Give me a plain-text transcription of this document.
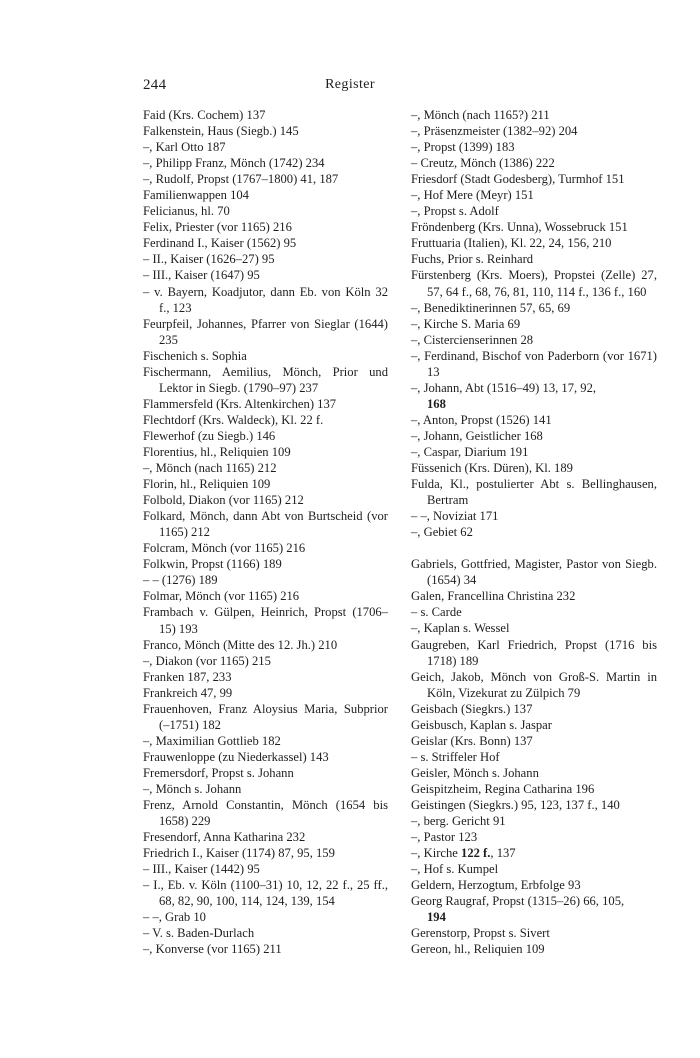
244	Register
Faid (Krs. Cochem) 137
Falkenstein, Haus (Siegb.) 145
–, Karl Otto 187
–, Philipp Franz, Mönch (1742) 234
–, Rudolf, Propst (1767–1800) 41, 187
Familienwappen 104
Felicianus, hl. 70
Felix, Priester (vor 1165) 216
Ferdinand I., Kaiser (1562) 95
– II., Kaiser (1626–27) 95
– III., Kaiser (1647) 95
– v. Bayern, Koadjutor, dann Eb. von Köln 32 f., 123
Feurpfeil, Johannes, Pfarrer von Sieglar (1644) 235
Fischenich s. Sophia
Fischermann, Aemilius, Mönch, Prior und Lektor in Siegb. (1790–97) 237
Flammersfeld (Krs. Altenkirchen) 137
Flechtdorf (Krs. Waldeck), Kl. 22 f.
Flewerhof (zu Siegb.) 146
Florentius, hl., Reliquien 109
–, Mönch (nach 1165) 212
Florin, hl., Reliquien 109
Folbold, Diakon (vor 1165) 212
Folkard, Mönch, dann Abt von Burtscheid (vor 1165) 212
Folcram, Mönch (vor 1165) 216
Folkwin, Propst (1166) 189
– – (1276) 189
Folmar, Mönch (vor 1165) 216
Frambach v. Gülpen, Heinrich, Propst (1706–15) 193
Franco, Mönch (Mitte des 12. Jh.) 210
–, Diakon (vor 1165) 215
Franken 187, 233
Frankreich 47, 99
Frauenhoven, Franz Aloysius Maria, Subprior (–1751) 182
–, Maximilian Gottlieb 182
Frauwenloppe (zu Niederkassel) 143
Fremersdorf, Propst s. Johann
–, Mönch s. Johann
Frenz, Arnold Constantin, Mönch (1654 bis 1658) 229
Fresendorf, Anna Katharina 232
Friedrich I., Kaiser (1174) 87, 95, 159
– III., Kaiser (1442) 95
– I., Eb. v. Köln (1100–31) 10, 12, 22 f., 25 ff., 68, 82, 90, 100, 114, 124, 139, 154
– –, Grab 10
– V. s. Baden-Durlach
–, Konverse (vor 1165) 211
–, Mönch (nach 1165?) 211
–, Präsenzmeister (1382–92) 204
–, Propst (1399) 183
– Creutz, Mönch (1386) 222
Friesdorf (Stadt Godesberg), Turmhof 151
–, Hof Mere (Meyr) 151
–, Propst s. Adolf
Fröndenberg (Krs. Unna), Wossebruck 151
Fruttuaria (Italien), Kl. 22, 24, 156, 210
Fuchs, Prior s. Reinhard
Fürstenberg (Krs. Moers), Propstei (Zelle) 27, 57, 64 f., 68, 76, 81, 110, 114 f., 136 f., 160
–, Benediktinerinnen 57, 65, 69
–, Kirche S. Maria 69
–, Cistercienserinnen 28
–, Ferdinand, Bischof von Paderborn (vor 1671) 13
–, Johann, Abt (1516–49) 13, 17, 92,
168
–, Anton, Propst (1526) 141
–, Johann, Geistlicher 168
–, Caspar, Diarium 191
Füssenich (Krs. Düren), Kl. 189
Fulda, Kl., postulierter Abt s. Bellinghausen, Bertram
– –, Noviziat 171
–, Gebiet 62
Gabriels, Gottfried, Magister, Pastor von Siegb. (1654) 34
Galen, Francellina Christina 232
– s. Carde
–, Kaplan s. Wessel
Gaugreben, Karl Friedrich, Propst (1716 bis 1718) 189
Geich, Jakob, Mönch von Groß-S. Martin in Köln, Vizekurat zu Zülpich 79
Geisbach (Siegkrs.) 137
Geisbusch, Kaplan s. Jaspar
Geislar (Krs. Bonn) 137
– s. Striffeler Hof
Geisler, Mönch s. Johann
Geispitzheim, Regina Catharina 196
Geistingen (Siegkrs.) 95, 123, 137 f., 140
–, berg. Gericht 91
–, Pastor 123
–, Kirche 122 f., 137
–, Hof s. Kumpel
Geldern, Herzogtum, Erbfolge 93
Georg Raugraf, Propst (1315–26) 66, 105,
194
Gerenstorp, Propst s. Sivert
Gereon, hl., Reliquien 109
